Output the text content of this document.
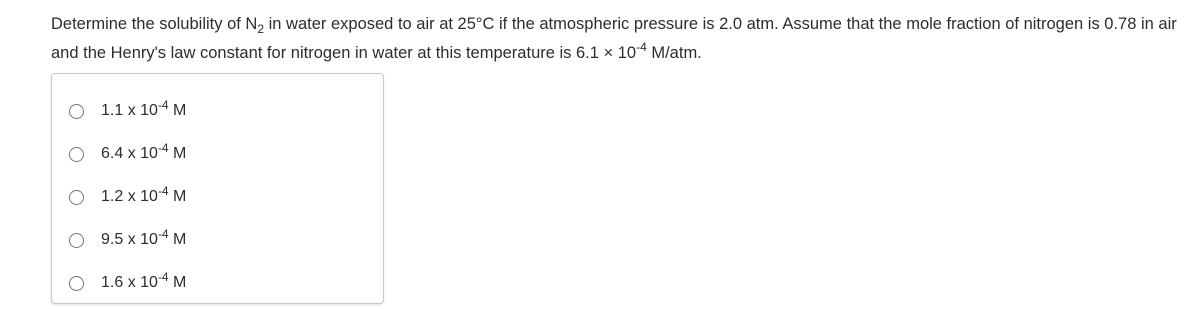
Determine the solubility of $N_2$ in water exposed to air at 25°C if the atmospheric pressure is 2.0 atm. Assume that the mole fraction of nitrogen is 0.78 in air and the Henry's law constant for nitrogen in water at this temperature is $6.1 \times 10^{-4}$ M/atm.
1.1 x $10^{-4}$ M
6.4 x $10^{-4}$ M
1.2 x $10^{-4}$ M
9.5 x $10^{-4}$ M
1.6 x $10^{-4}$ M
